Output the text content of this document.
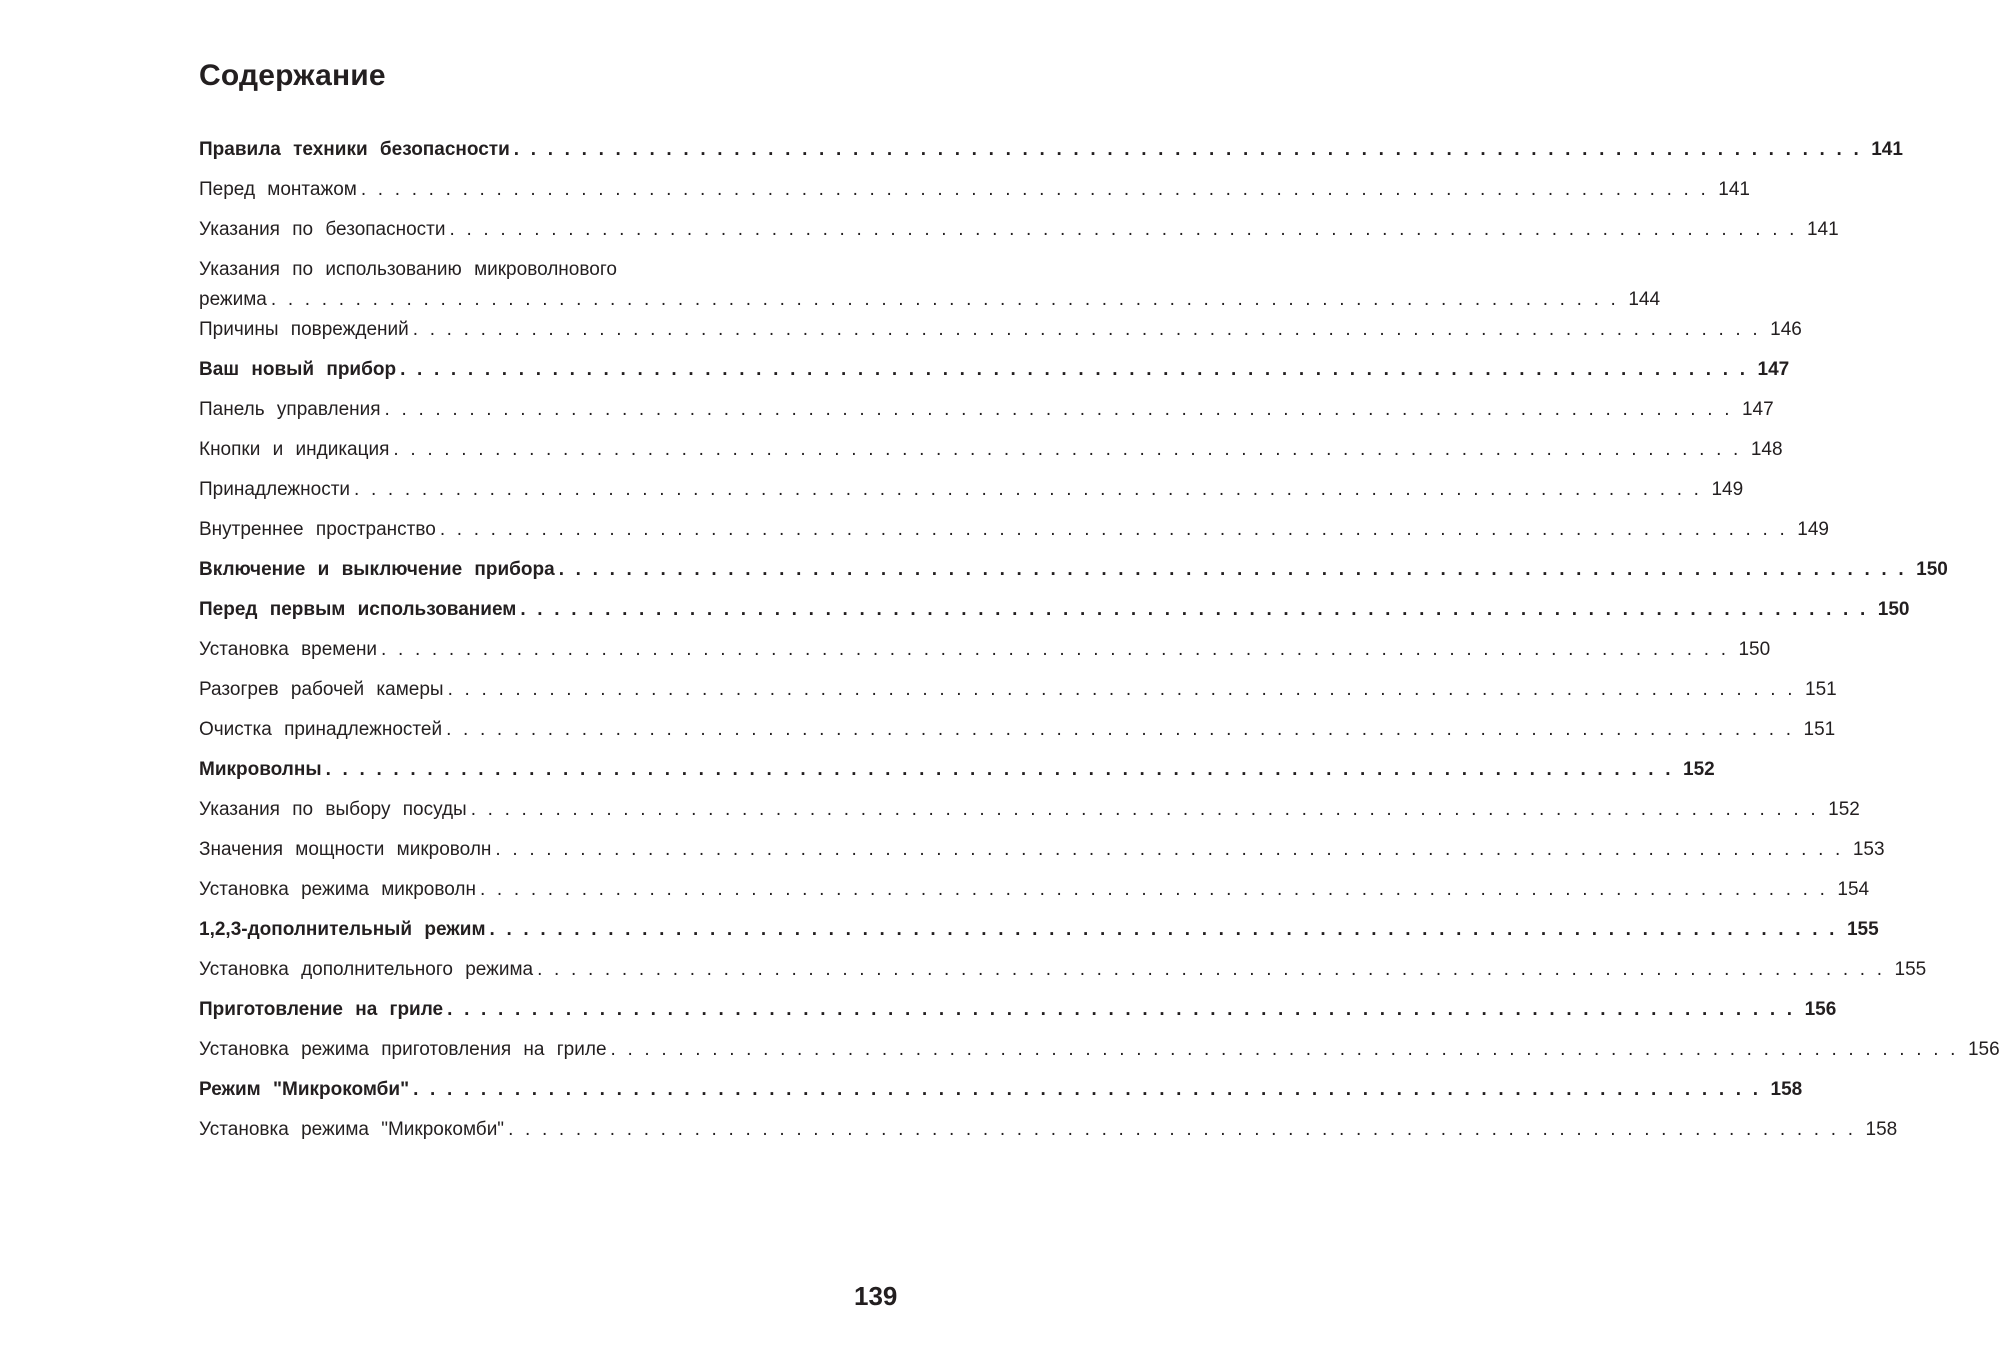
Содержание
Правила техники безопасности . . . . . . . . . . . . . . . . . . . . . . . . . . . . . . . . . . . . . . . . . . . . . . . . . . . . . . . . . . . . . . . . . . . . . . . . . . . . . . . . 141
Перед монтажом . . . . . . . . . . . . . . . . . . . . . . . . . . . . . . . . . . . . . . . . . . . . . . . . . . . . . . . . . . . . . . . . . . . . . . . . . . . . . . . . 141
Указания по безопасности . . . . . . . . . . . . . . . . . . . . . . . . . . . . . . . . . . . . . . . . . . . . . . . . . . . . . . . . . . . . . . . . . . . . . . . . . . . . . . . . 141
Указания по использованию микроволнового
режима . . . . . . . . . . . . . . . . . . . . . . . . . . . . . . . . . . . . . . . . . . . . . . . . . . . . . . . . . . . . . . . . . . . . . . . . . . . . . . . . 144
Причины повреждений . . . . . . . . . . . . . . . . . . . . . . . . . . . . . . . . . . . . . . . . . . . . . . . . . . . . . . . . . . . . . . . . . . . . . . . . . . . . . . . . 146
Ваш новый прибор . . . . . . . . . . . . . . . . . . . . . . . . . . . . . . . . . . . . . . . . . . . . . . . . . . . . . . . . . . . . . . . . . . . . . . . . . . . . . . . . 147
Панель управления . . . . . . . . . . . . . . . . . . . . . . . . . . . . . . . . . . . . . . . . . . . . . . . . . . . . . . . . . . . . . . . . . . . . . . . . . . . . . . . . 147
Кнопки и индикация . . . . . . . . . . . . . . . . . . . . . . . . . . . . . . . . . . . . . . . . . . . . . . . . . . . . . . . . . . . . . . . . . . . . . . . . . . . . . . . . 148
Принадлежности . . . . . . . . . . . . . . . . . . . . . . . . . . . . . . . . . . . . . . . . . . . . . . . . . . . . . . . . . . . . . . . . . . . . . . . . . . . . . . . . 149
Внутреннее пространство . . . . . . . . . . . . . . . . . . . . . . . . . . . . . . . . . . . . . . . . . . . . . . . . . . . . . . . . . . . . . . . . . . . . . . . . . . . . . . . . 149
Включение и выключение прибора . . . . . . . . . . . . . . . . . . . . . . . . . . . . . . . . . . . . . . . . . . . . . . . . . . . . . . . . . . . . . . . . . . . . . . . . . . . . . . . . 150
Перед первым использованием . . . . . . . . . . . . . . . . . . . . . . . . . . . . . . . . . . . . . . . . . . . . . . . . . . . . . . . . . . . . . . . . . . . . . . . . . . . . . . . . 150
Установка времени . . . . . . . . . . . . . . . . . . . . . . . . . . . . . . . . . . . . . . . . . . . . . . . . . . . . . . . . . . . . . . . . . . . . . . . . . . . . . . . . 150
Разогрев рабочей камеры . . . . . . . . . . . . . . . . . . . . . . . . . . . . . . . . . . . . . . . . . . . . . . . . . . . . . . . . . . . . . . . . . . . . . . . . . . . . . . . . 151
Очистка принадлежностей . . . . . . . . . . . . . . . . . . . . . . . . . . . . . . . . . . . . . . . . . . . . . . . . . . . . . . . . . . . . . . . . . . . . . . . . . . . . . . . . 151
Микроволны . . . . . . . . . . . . . . . . . . . . . . . . . . . . . . . . . . . . . . . . . . . . . . . . . . . . . . . . . . . . . . . . . . . . . . . . . . . . . . . . 152
Указания по выбору посуды . . . . . . . . . . . . . . . . . . . . . . . . . . . . . . . . . . . . . . . . . . . . . . . . . . . . . . . . . . . . . . . . . . . . . . . . . . . . . . . . 152
Значения мощности микроволн . . . . . . . . . . . . . . . . . . . . . . . . . . . . . . . . . . . . . . . . . . . . . . . . . . . . . . . . . . . . . . . . . . . . . . . . . . . . . . . . 153
Установка режима микроволн . . . . . . . . . . . . . . . . . . . . . . . . . . . . . . . . . . . . . . . . . . . . . . . . . . . . . . . . . . . . . . . . . . . . . . . . . . . . . . . . 154
1,2,3-дополнительный режим . . . . . . . . . . . . . . . . . . . . . . . . . . . . . . . . . . . . . . . . . . . . . . . . . . . . . . . . . . . . . . . . . . . . . . . . . . . . . . . . 155
Установка дополнительного режима . . . . . . . . . . . . . . . . . . . . . . . . . . . . . . . . . . . . . . . . . . . . . . . . . . . . . . . . . . . . . . . . . . . . . . . . . . . . . . . . 155
Приготовление на гриле . . . . . . . . . . . . . . . . . . . . . . . . . . . . . . . . . . . . . . . . . . . . . . . . . . . . . . . . . . . . . . . . . . . . . . . . . . . . . . . . 156
Установка режима приготовления на гриле . . . . . . . . . . . . . . . . . . . . . . . . . . . . . . . . . . . . . . . . . . . . . . . . . . . . . . . . . . . . . . . . . . . . . . . . . . . . . . . . 156
Режим "Микрокомби" . . . . . . . . . . . . . . . . . . . . . . . . . . . . . . . . . . . . . . . . . . . . . . . . . . . . . . . . . . . . . . . . . . . . . . . . . . . . . . . . 158
Установка режима "Микрокомби" . . . . . . . . . . . . . . . . . . . . . . . . . . . . . . . . . . . . . . . . . . . . . . . . . . . . . . . . . . . . . . . . . . . . . . . . . . . . . . . . 158
139
